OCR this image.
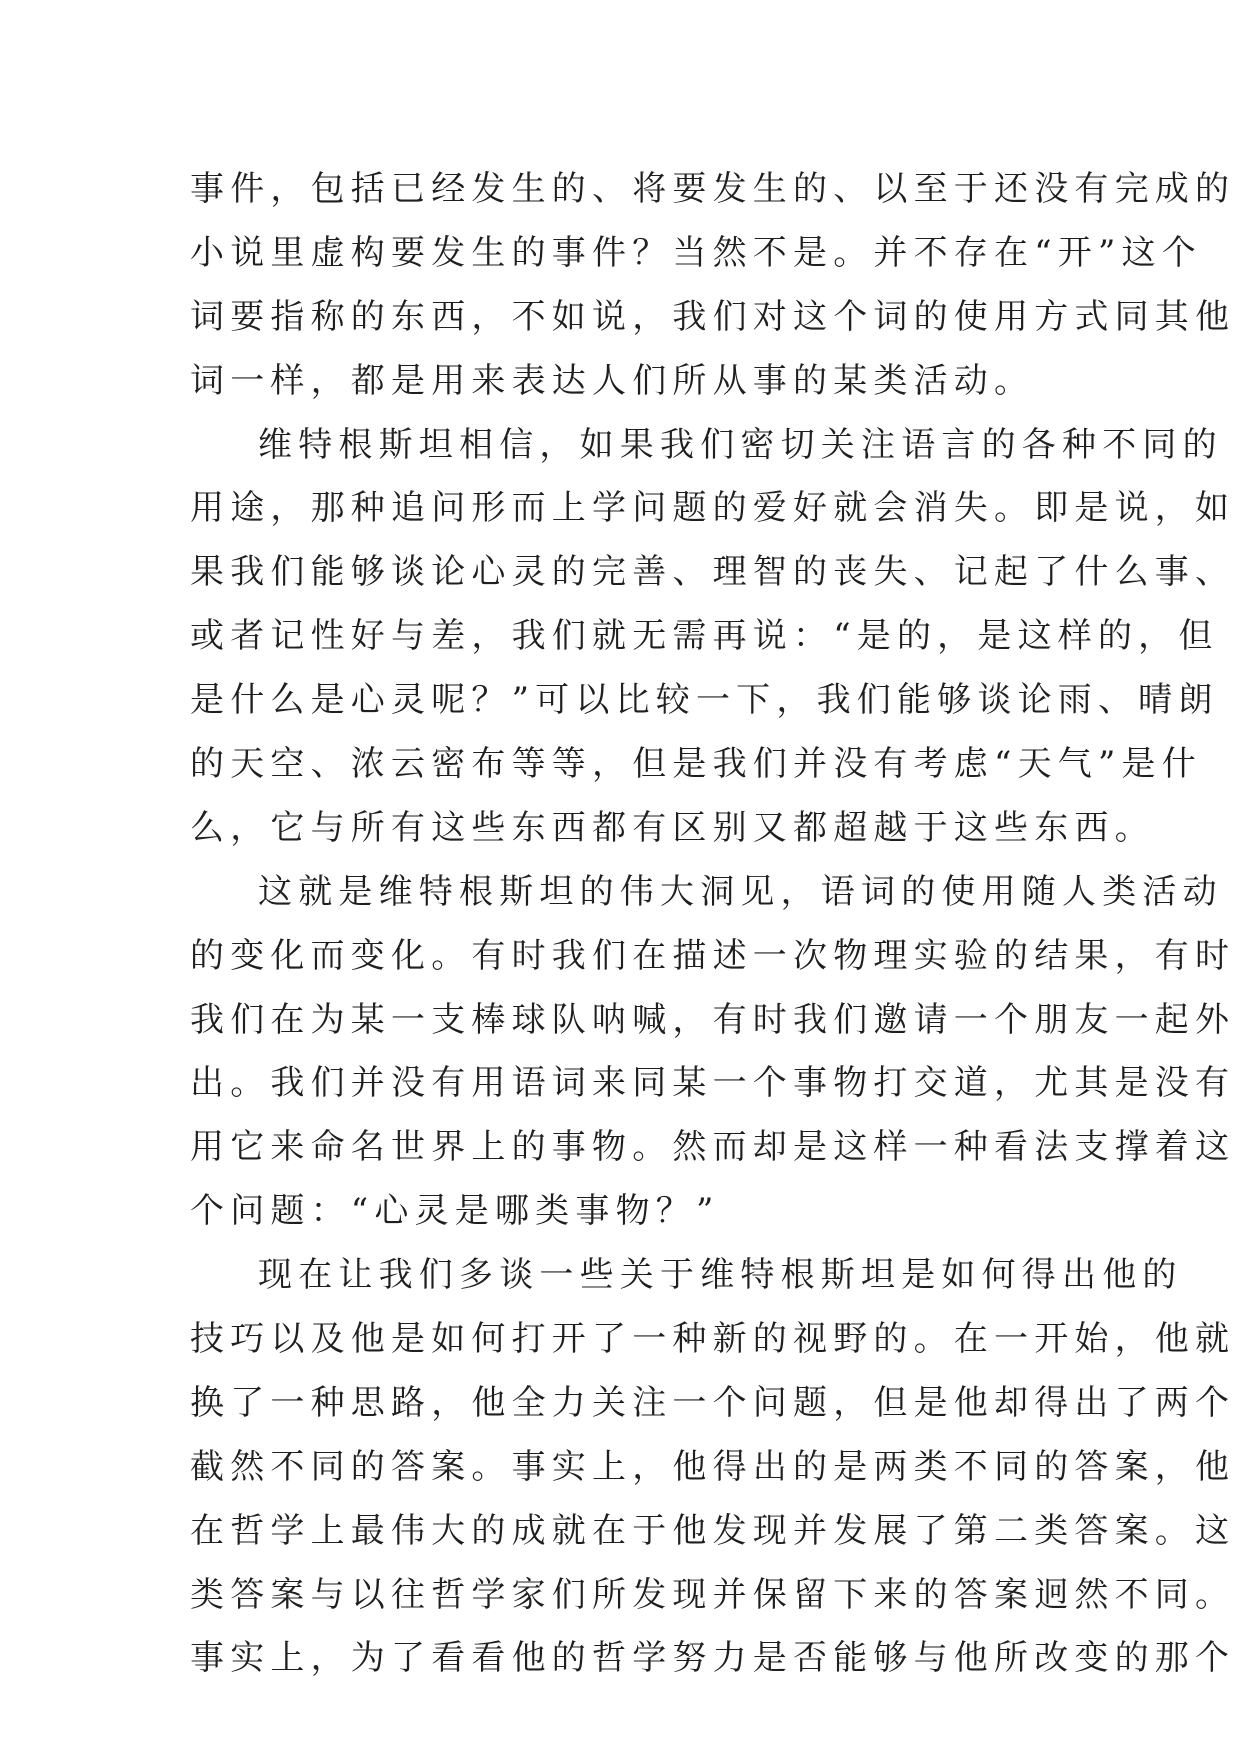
事件，包括已经发生的、将要发生的、以至于还没有完成的
小说里虚构要发生的事件？当然不是。并不存在“开”这个
词要指称的东西，不如说，我们对这个词的使用方式同其他
词一样，都是用来表达人们所从事的某类活动。
维特根斯坦相信，如果我们密切关注语言的各种不同的
用途，那种追问形而上学问题的爱好就会消失。即是说，如
果我们能够谈论心灵的完善、理智的丧失、记起了什么事、
或者记性好与差，我们就无需再说：“是的，是这样的，但
是什么是心灵呢？”可以比较一下，我们能够谈论雨、晴朗
的天空、浓云密布等等，但是我们并没有考虑“天气”是什
么，它与所有这些东西都有区别又都超越于这些东西。
这就是维特根斯坦的伟大洞见，语词的使用随人类活动
的变化而变化。有时我们在描述一次物理实验的结果，有时
我们在为某一支棒球队呐喊，有时我们邀请一个朋友一起外
出。我们并没有用语词来同某一个事物打交道，尤其是没有
用它来命名世界上的事物。然而却是这样一种看法支撑着这
个问题：“心灵是哪类事物？”
现在让我们多谈一些关于维特根斯坦是如何得出他的
技巧以及他是如何打开了一种新的视野的。在一开始，他就
换了一种思路，他全力关注一个问题，但是他却得出了两个
截然不同的答案。事实上，他得出的是两类不同的答案，他
在哲学上最伟大的成就在于他发现并发展了第二类答案。这
类答案与以往哲学家们所发现并保留下来的答案迥然不同。
事实上，为了看看他的哲学努力是否能够与他所改变的那个
